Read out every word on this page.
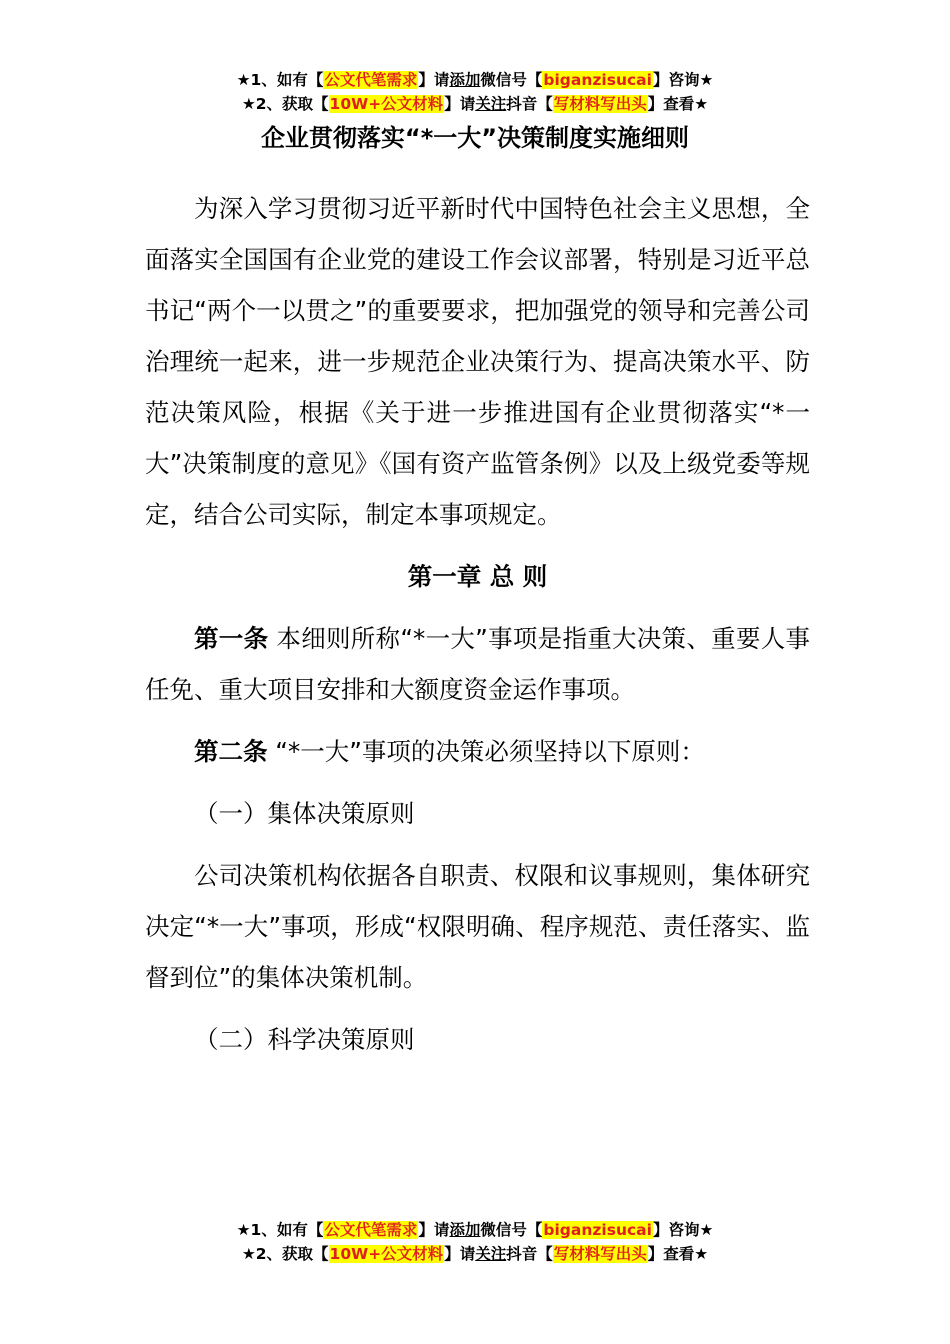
★1、如有【公文代笔需求】请添加微信号【biganzisucai】咨询★
★2、获取【10W+公文材料】请关注抖音【写材料写出头】查看★
企业贯彻落实“*一大”决策制度实施细则

为深入学习贯彻习近平新时代中国特色社会主义思想，全面落实全国国有企业党的建设工作会议部署，特别是习近平总书记“两个一以贯之”的重要要求，把加强党的领导和完善公司治理统一起来，进一步规范企业决策行为、提高决策水平、防范决策风险，根据《关于进一步推进国有企业贯彻落实“*一大”决策制度的意见》《国有资产监管条例》以及上级党委等规定，结合公司实际，制定本事项规定。

第一章 总 则

第一条 本细则所称“*一大”事项是指重大决策、重要人事任免、重大项目安排和大额度资金运作事项。

第二条 “*一大”事项的决策必须坚持以下原则：

（一）集体决策原则

公司决策机构依据各自职责、权限和议事规则，集体研究决定“*一大”事项，形成“权限明确、程序规范、责任落实、监督到位”的集体决策机制。

（二）科学决策原则

★1、如有【公文代笔需求】请添加微信号【biganzisucai】咨询★
★2、获取【10W+公文材料】请关注抖音【写材料写出头】查看★
